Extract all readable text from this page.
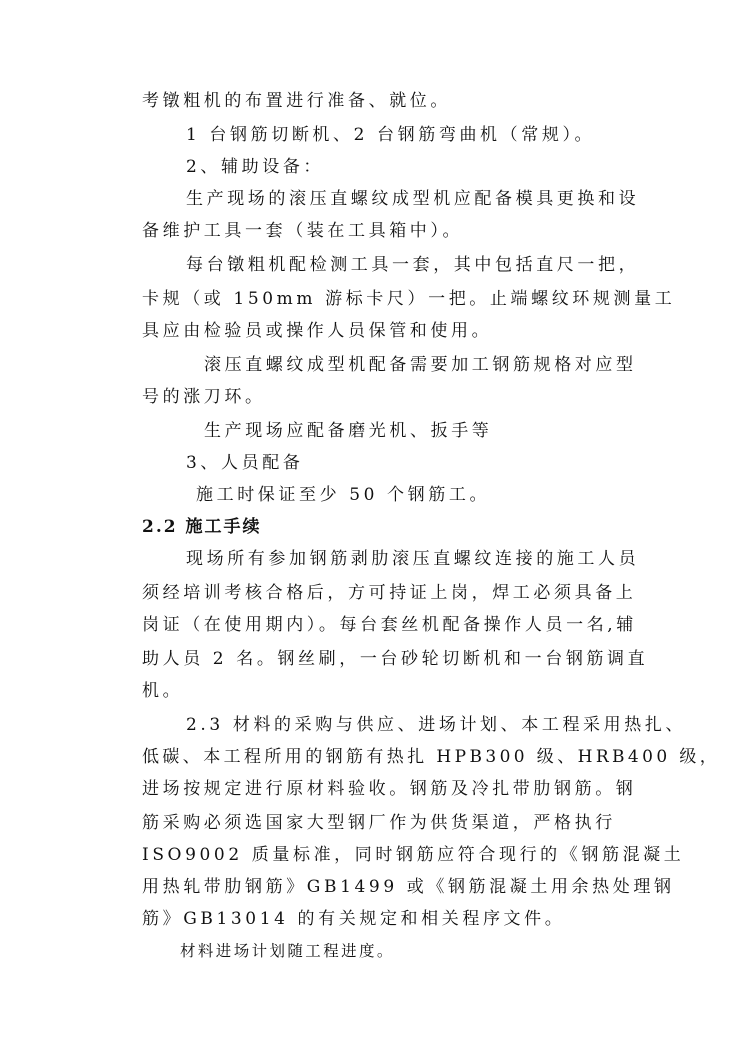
考镦粗机的布置进行准备、就位。
1 台钢筋切断机、2 台钢筋弯曲机（常规）。
2、辅助设备：
生产现场的滚压直螺纹成型机应配备模具更换和设
备维护工具一套（装在工具箱中）。
每台镦粗机配检测工具一套，其中包括直尺一把，
卡规（或 150mm 游标卡尺）一把。止端螺纹环规测量工
具应由检验员或操作人员保管和使用。
滚压直螺纹成型机配备需要加工钢筋规格对应型
号的涨刀环。
生产现场应配备磨光机、扳手等
3、人员配备
施工时保证至少 50 个钢筋工。
2.2 施工手续
现场所有参加钢筋剥肋滚压直螺纹连接的施工人员
须经培训考核合格后，方可持证上岗，焊工必须具备上
岗证（在使用期内）。每台套丝机配备操作人员一名,辅
助人员 2 名。钢丝刷，一台砂轮切断机和一台钢筋调直
机。
2.3 材料的采购与供应、进场计划、本工程采用热扎、
低碳、本工程所用的钢筋有热扎 HPB300 级、HRB400 级，
进场按规定进行原材料验收。钢筋及冷扎带肋钢筋。钢
筋采购必须选国家大型钢厂作为供货渠道，严格执行
ISO9002 质量标准，同时钢筋应符合现行的《钢筋混凝土
用热轧带肋钢筋》GB1499 或《钢筋混凝土用余热处理钢
筋》GB13014 的有关规定和相关程序文件。
材料进场计划随工程进度。
